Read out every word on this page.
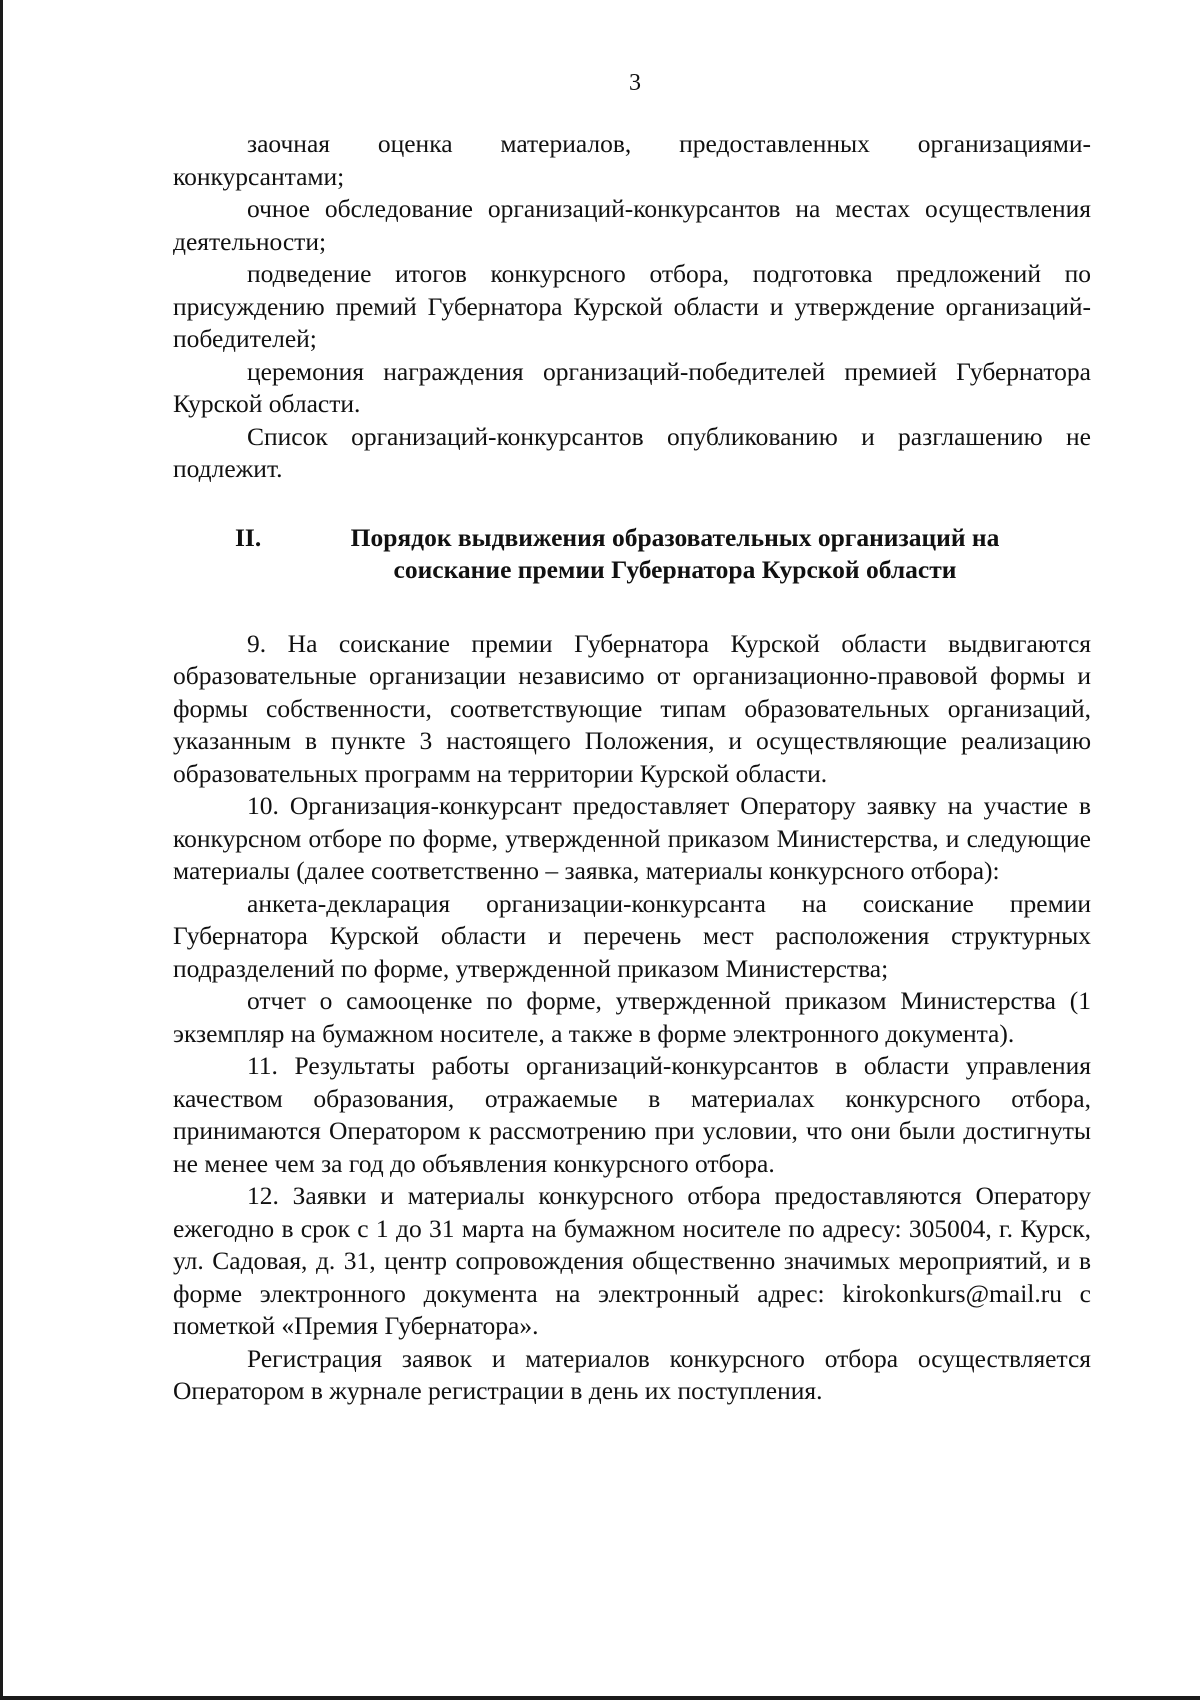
3

заочная оценка материалов, предоставленных организациями-конкурсантами;

очное обследование организаций-конкурсантов на местах осуществления деятельности;

подведение итогов конкурсного отбора, подготовка предложений по присуждению премий Губернатора Курской области и утверждение организаций-победителей;

церемония награждения организаций-победителей премией Губернатора Курской области.

Список организаций-конкурсантов опубликованию и разглашению не подлежит.

II.	Порядок выдвижения образовательных организаций на
соискание премии Губернатора Курской области

9. На соискание премии Губернатора Курской области выдвигаются образовательные организации независимо от организационно-правовой формы и формы собственности, соответствующие типам образовательных организаций, указанным в пункте 3 настоящего Положения, и осуществляющие реализацию образовательных программ на территории Курской области.

10. Организация-конкурсант предоставляет Оператору заявку на участие в конкурсном отборе по форме, утвержденной приказом Министерства, и следующие материалы (далее соответственно – заявка, материалы конкурсного отбора):

анкета-декларация организации-конкурсанта на соискание премии Губернатора Курской области и перечень мест расположения структурных подразделений по форме, утвержденной приказом Министерства;

отчет о самооценке по форме, утвержденной приказом Министерства (1 экземпляр на бумажном носителе, а также в форме электронного документа).

11. Результаты работы организаций-конкурсантов в области управления качеством образования, отражаемые в материалах конкурсного отбора, принимаются Оператором к рассмотрению при условии, что они были достигнуты не менее чем за год до объявления конкурсного отбора.

12. Заявки и материалы конкурсного отбора предоставляются Оператору ежегодно в срок с 1 до 31 марта на бумажном носителе по адресу: 305004, г. Курск, ул. Садовая, д. 31, центр сопровождения общественно значимых мероприятий, и в форме электронного документа на электронный адрес: kirokonkurs@mail.ru с пометкой «Премия Губернатора».

Регистрация заявок и материалов конкурсного отбора осуществляется Оператором в журнале регистрации в день их поступления.
